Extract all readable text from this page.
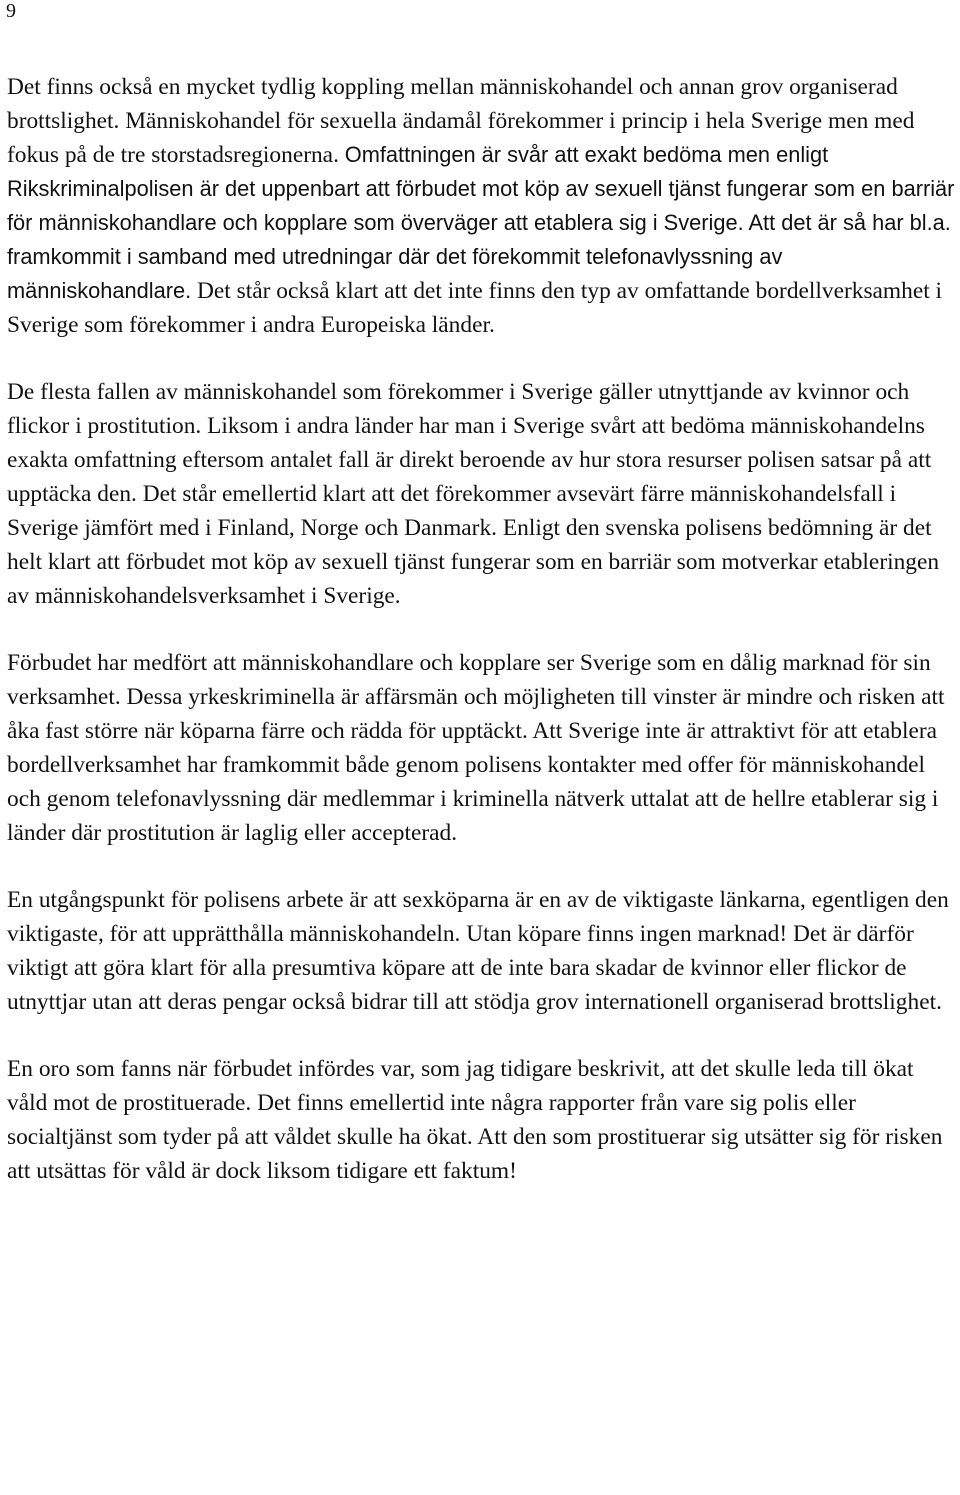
9

Det finns också en mycket tydlig koppling mellan människohandel och annan grov organiserad brottslighet. Människohandel för sexuella ändamål förekommer i princip i hela Sverige men med fokus på de tre storstadsregionerna. Omfattningen är svår att exakt bedöma men enligt Rikskriminalpolisen är det uppenbart att förbudet mot köp av sexuell tjänst fungerar som en barriär för människohandlare och kopplare som överväger att etablera sig i Sverige. Att det är så har bl.a. framkommit i samband med utredningar där det förekommit telefonavlyssning av människohandlare. Det står också klart att det inte finns den typ av omfattande bordellverksamhet i Sverige som förekommer i andra Europeiska länder.

De flesta fallen av människohandel som förekommer i Sverige gäller utnyttjande av kvinnor och flickor i prostitution. Liksom i andra länder har man i Sverige svårt att bedöma människohandelns exakta omfattning eftersom antalet fall är direkt beroende av hur stora resurser polisen satsar på att upptäcka den. Det står emellertid klart att det förekommer avsevärt färre människohandelsfall i Sverige jämfört med i Finland, Norge och Danmark. Enligt den svenska polisens bedömning är det helt klart att förbudet mot köp av sexuell tjänst fungerar som en barriär som motverkar etableringen av människohandelsverksamhet i Sverige.

Förbudet har medfört att människohandlare och kopplare ser Sverige som en dålig marknad för sin verksamhet. Dessa yrkeskriminella är affärsmän och möjligheten till vinster är mindre och risken att åka fast större när köparna färre och rädda för upptäckt. Att Sverige inte är attraktivt för att etablera bordellverksamhet har framkommit både genom polisens kontakter med offer för människohandel och genom telefonavlyssning där medlemmar i kriminella nätverk uttalat att de hellre etablerar sig i länder där prostitution är laglig eller accepterad.

En utgångspunkt för polisens arbete är att sexköparna är en av de viktigaste länkarna, egentligen den viktigaste, för att upprätthålla människohandeln. Utan köpare finns ingen marknad! Det är därför viktigt att göra klart för alla presumtiva köpare att de inte bara skadar de kvinnor eller flickor de utnyttjar utan att deras pengar också bidrar till att stödja grov internationell organiserad brottslighet.

En oro som fanns när förbudet infördes var, som jag tidigare beskrivit, att det skulle leda till ökat våld mot de prostituerade. Det finns emellertid inte några rapporter från vare sig polis eller socialtjänst som tyder på att våldet skulle ha ökat. Att den som prostituerar sig utsätter sig för risken att utsättas för våld är dock liksom tidigare ett faktum!
